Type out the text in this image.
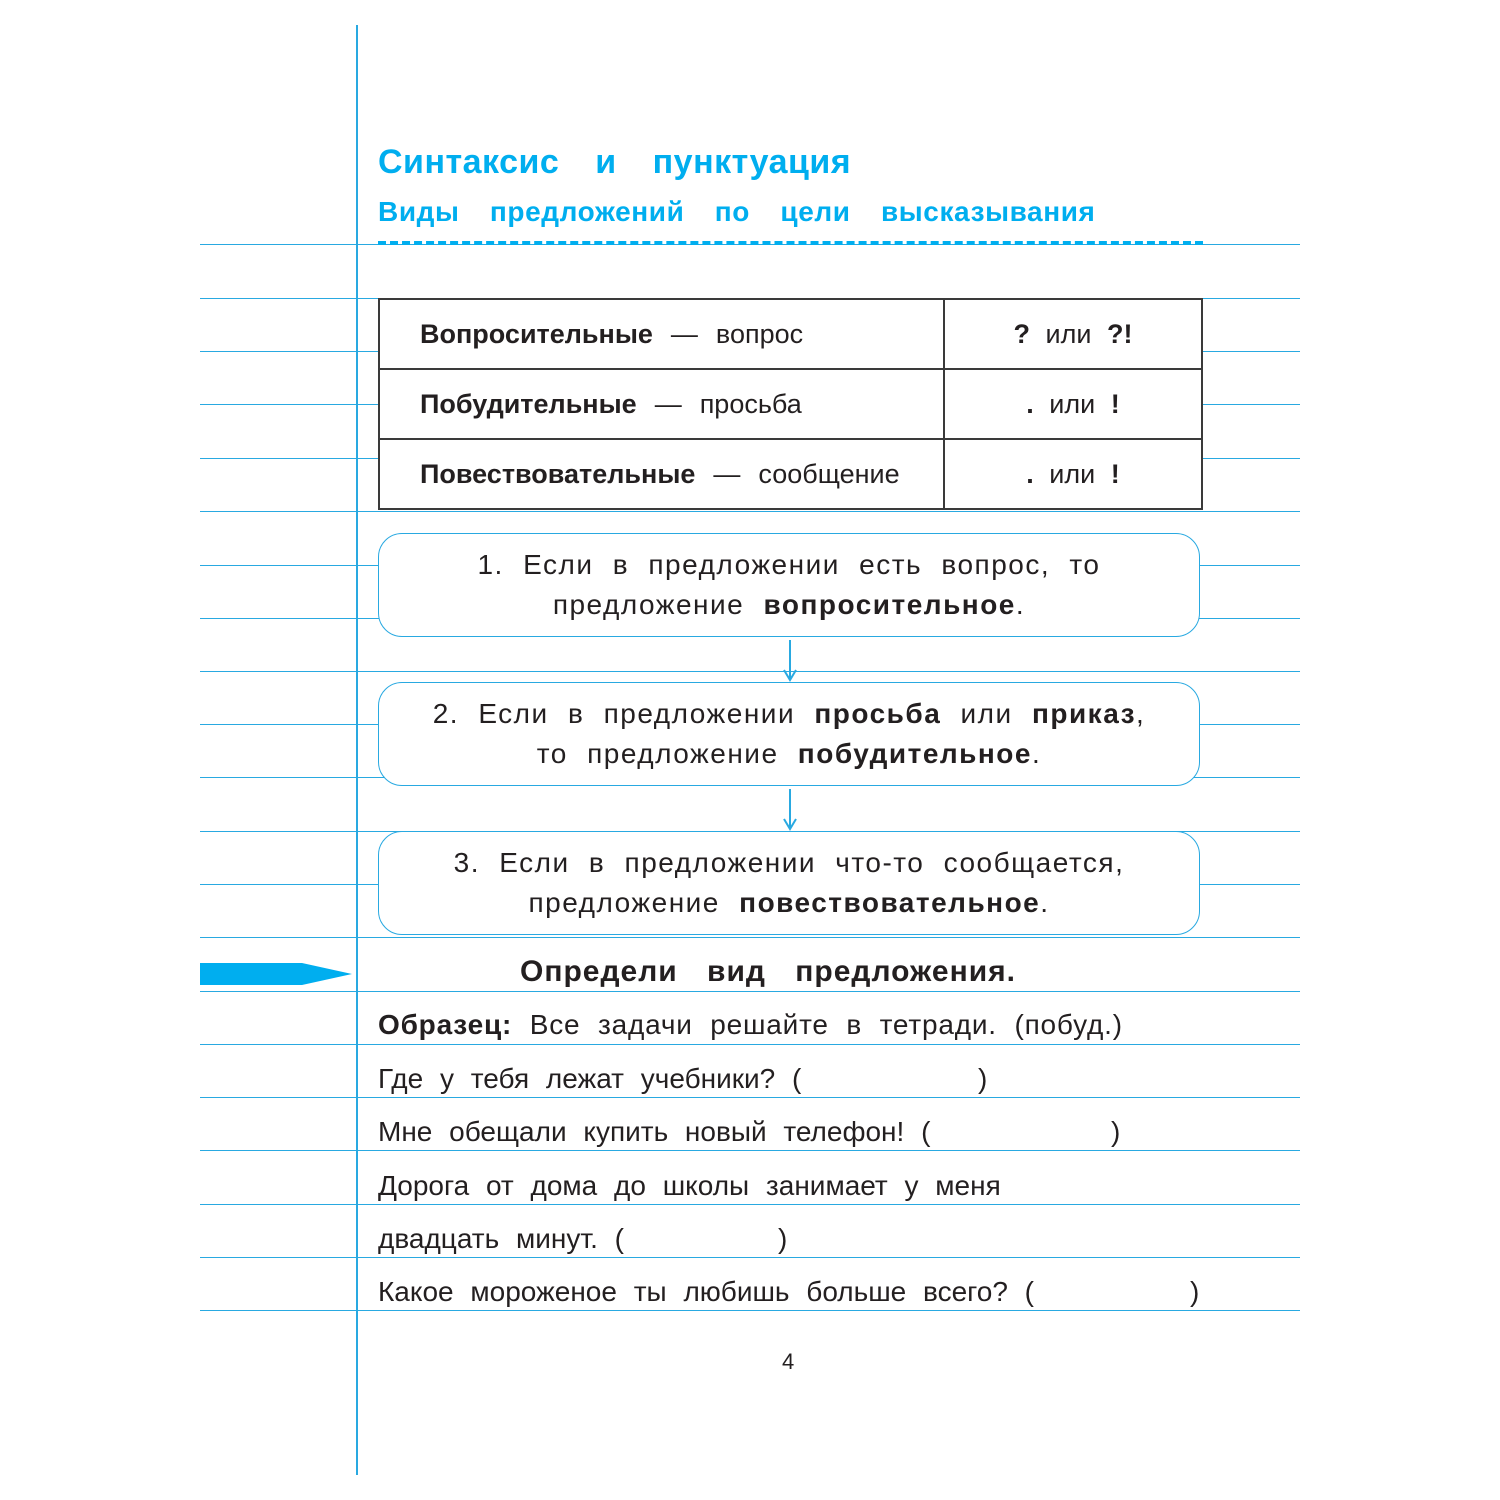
Синтаксис и пунктуация
Виды предложений по цели высказывания
Вопросительные — вопрос	? или ?!
Побудительные — просьба	. или !
Повествовательные — сообщение	. или !
1. Если в предложении есть вопрос, то
предложение вопросительное.
2. Если в предложении просьба или приказ,
то предложение побудительное.
3. Если в предложении что-то сообщается,
предложение повествовательное.
Определи вид предложения.
Образец: Все задачи решайте в тетради. (побуд.)
Где у тебя лежат учебники? (	)
Мне обещали купить новый телефон! (	)
Дорога от дома до школы занимает у меня
двадцать минут. (	)
Какое мороженое ты любишь больше всего? (	)
4
